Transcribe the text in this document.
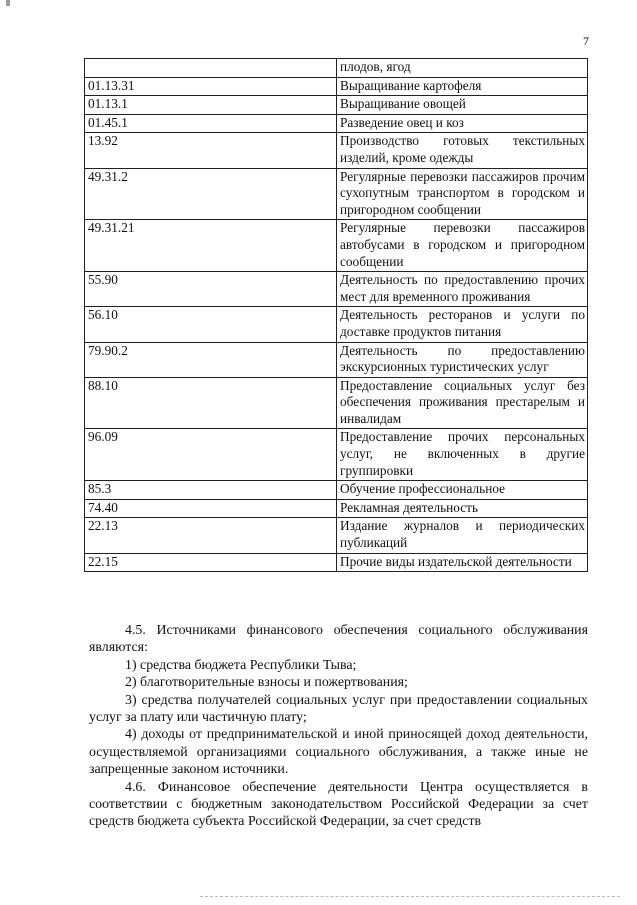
7
	плодов, ягод
01.13.31	Выращивание картофеля
01.13.1	Выращивание овощей
01.45.1	Разведение овец и коз
13.92	Производство готовых текстильных изделий, кроме одежды
49.31.2	Регулярные перевозки пассажиров прочим сухопутным транспортом в городском и пригородном сообщении
49.31.21	Регулярные перевозки пассажиров автобусами в городском и пригородном сообщении
55.90	Деятельность по предоставлению прочих мест для временного проживания
56.10	Деятельность ресторанов и услуги по доставке продуктов питания
79.90.2	Деятельность по предоставлению экскурсионных туристических услуг
88.10	Предоставление социальных услуг без обеспечения проживания престарелым и инвалидам
96.09	Предоставление прочих персональных услуг, не включенных в другие группировки
85.3	Обучение профессиональное
74.40	Рекламная деятельность
22.13	Издание журналов и периодических публикаций
22.15	Прочие виды издательской деятельности

4.5. Источниками финансового обеспечения социального обслуживания являются:

1) средства бюджета Республики Тыва;

2) благотворительные взносы и пожертвования;

3) средства получателей социальных услуг при предоставлении социальных услуг за плату или частичную плату;

4) доходы от предпринимательской и иной приносящей доход деятельности, осуществляемой организациями социального обслуживания, а также иные не запрещенные законом источники.

4.6. Финансовое обеспечение деятельности Центра осуществляется в соответствии с бюджетным законодательством Российской Федерации за счет средств бюджета субъекта Российской Федерации, за счет средств
